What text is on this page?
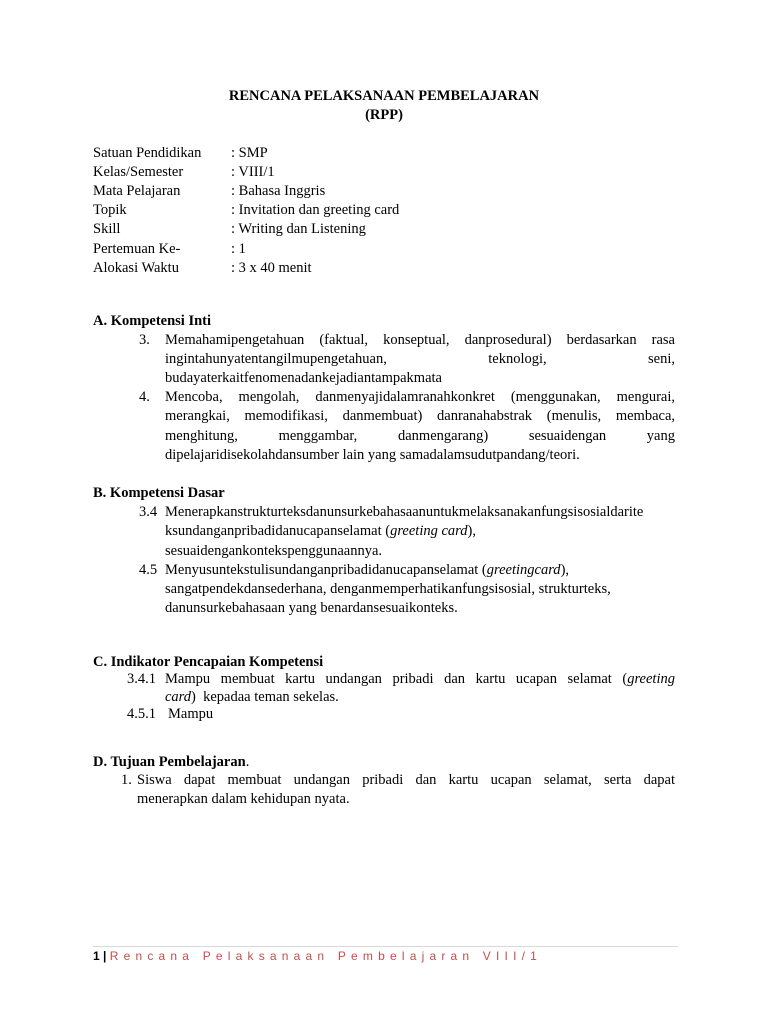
RENCANA PELAKSANAAN PEMBELAJARAN
(RPP)
Satuan Pendidikan : SMP
Kelas/Semester	: VIII/1
Mata Pelajaran	: Bahasa Inggris
Topik	: Invitation dan greeting card
Skill	: Writing dan Listening
Pertemuan Ke-	: 1
Alokasi Waktu	: 3 x 40 menit
A. Kompetensi Inti
3. Memahamipengetahuan (faktual, konseptual, danprosedural) berdasarkan rasa
ingintahunyatentangilmupengetahuan, teknologi, seni,
budayaterkaitfenomenadankejadiantampakmata
4. Mencoba, mengolah, danmenyajidalamranahkonkret (menggunakan, mengurai,
merangkai, memodifikasi, danmembuat) danranahabstrak (menulis, membaca,
menghitung, menggambar, danmengarang) sesuaidengan yang
dipelajaridisekolahdansumber lain yang samadalamsudutpandang/teori.
B. Kompetensi Dasar
3.4 Menerapkanstrukturteksdanunsurkebahasaanuntukmelaksanakanfungsisosialdarite
ksundanganpribadidanucapanselamat (greeting card),
sesuaidengankontekspenggunaannya.
4.5 Menyusuntekstulisundanganpribadidanucapanselamat (greetingcard),
sangatpendekdansederhana, denganmemperhatikanfungsisosial, strukturteks,
danunsurkebahasaan yang benardansesuaikonteks.
C. Indikator Pencapaian Kompetensi
3.4.1 Mampu membuat kartu undangan pribadi dan kartu ucapan selamat (greeting
card)  kepadaa teman sekelas.
4.5.1 Mampu
D. Tujuan Pembelajaran.
1. Siswa dapat membuat undangan pribadi dan kartu ucapan selamat, serta dapat
menerapkan dalam kehidupan nyata.
1 | Rencana Pelaksanaan Pembelajaran VIII/1
